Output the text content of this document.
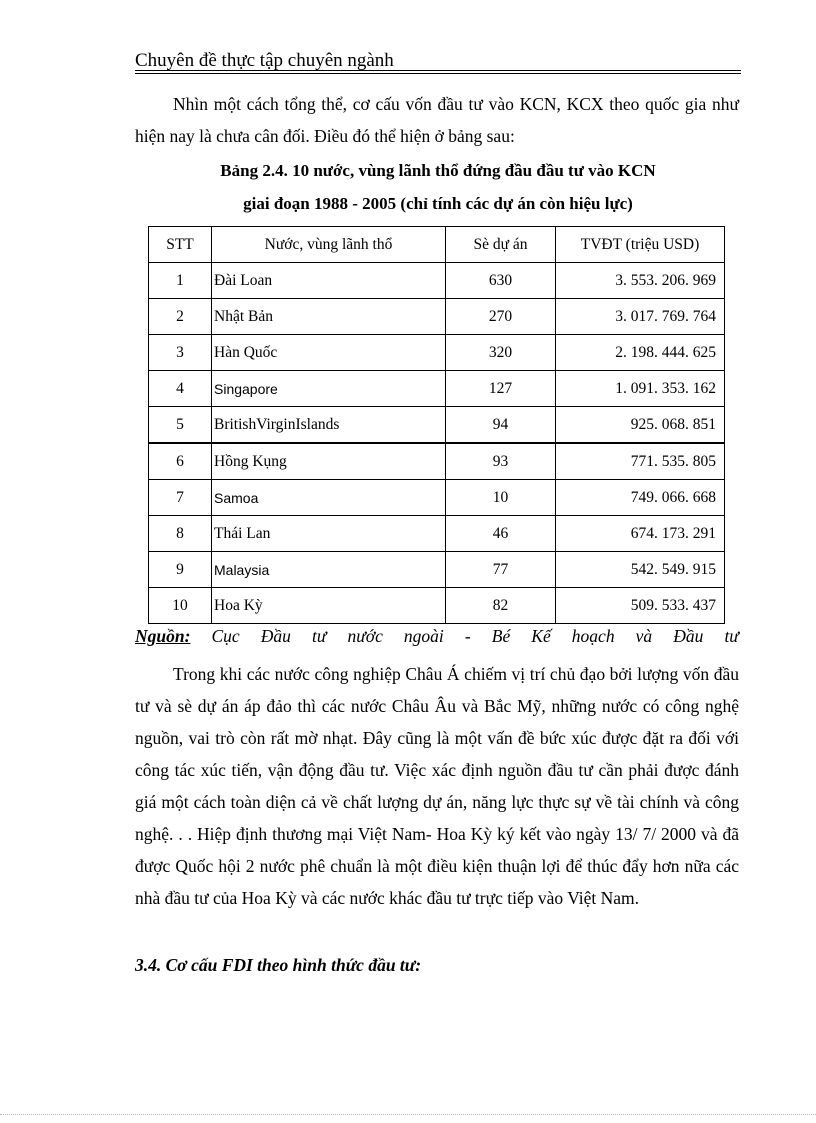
Chuyên đề thực tập chuyên ngành

Nhìn một cách tổng thể, cơ cấu vốn đầu tư vào KCN, KCX theo quốc gia như hiện nay là chưa cân đối. Điều đó thể hiện ở bảng sau:

Bảng 2.4. 10 nước, vùng lãnh thổ đứng đầu đầu tư vào KCN
giai đoạn 1988 - 2005 (chỉ tính các dự án còn hiệu lực)
STT	Nước, vùng lãnh thổ	Sè dự án	TVĐT (triệu USD)
1	Đài Loan	630	3. 553. 206. 969
2	Nhật Bản	270	3. 017. 769. 764
3	Hàn Quốc	320	2. 198. 444. 625
4	Singapore	127	1. 091. 353. 162
5	BritishVirginIslands	94	925. 068. 851
6	Hồng Kụng	93	771. 535. 805
7	Samoa	10	749. 066. 668
8	Thái Lan	46	674. 173. 291
9	Malaysia	77	542. 549. 915
10	Hoa Kỳ	82	509. 533. 437
Nguồn: Cục Đầu tư nước ngoài - Bé Kế hoạch và Đầu tư

Trong khi các nước công nghiệp Châu Á chiếm vị trí chủ đạo bởi lượng vốn đầu tư và sè dự án áp đảo thì các nước Châu Âu và Bắc Mỹ, những nước có công nghệ nguồn, vai trò còn rất mờ nhạt. Đây cũng là một vấn đề bức xúc được đặt ra đối với công tác xúc tiến, vận động đầu tư. Việc xác định nguồn đầu tư cần phải được đánh giá một cách toàn diện cả về chất lượng dự án, năng lực thực sự về tài chính và công nghệ. . . Hiệp định thương mại Việt Nam- Hoa Kỳ ký kết vào ngày 13/ 7/ 2000 và đã được Quốc hội 2 nước phê chuẩn là một điều kiện thuận lợi để thúc đẩy hơn nữa các nhà đầu tư của Hoa Kỳ và các nước khác đầu tư trực tiếp vào Việt Nam.

3.4. Cơ cấu FDI theo hình thức đầu tư:
